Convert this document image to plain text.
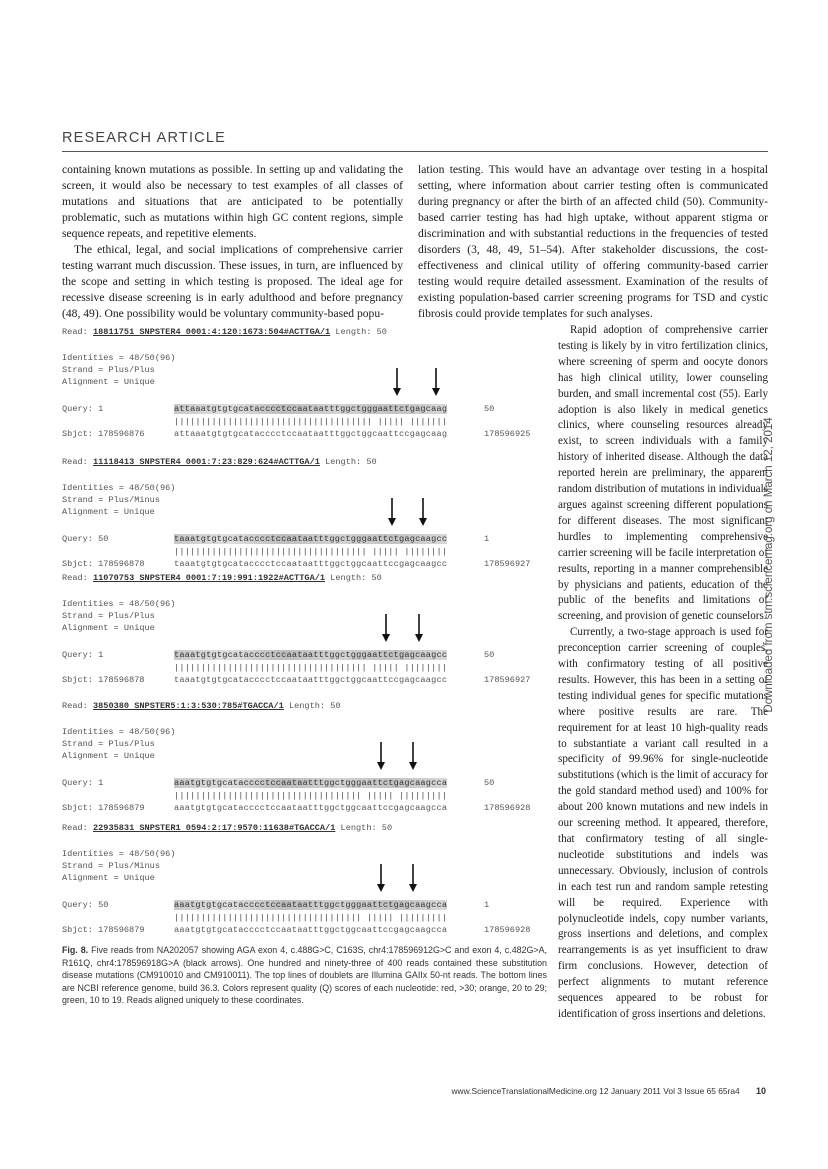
RESEARCH ARTICLE

containing known mutations as possible. In setting up and validating the screen, it would also be necessary to test examples of all classes of mutations and situations that are anticipated to be potentially problematic, such as mutations within high GC content regions, simple sequence repeats, and repetitive elements.

The ethical, legal, and social implications of comprehensive carrier testing warrant much discussion. These issues, in turn, are influenced by the scope and setting in which testing is proposed. The ideal age for recessive disease screening is in early adulthood and before pregnancy (48, 49). One possibility would be voluntary community-based popu-

lation testing. This would have an advantage over testing in a hospital setting, where information about carrier testing often is communicated during pregnancy or after the birth of an affected child (50). Community-based carrier testing has had high uptake, without apparent stigma or discrimination and with substantial reductions in the frequencies of tested disorders (3, 48, 49, 51–54). After stakeholder discussions, the cost-effectiveness and clinical utility of offering community-based carrier testing would require detailed assessment. Examination of the results of existing population-based carrier screening programs for TSD and cystic fibrosis could provide templates for such analyses.

Rapid adoption of comprehensive carrier testing is likely by in vitro fertilization clinics, where screening of sperm and oocyte donors has high clinical utility, lower counseling burden, and small incremental cost (55). Early adoption is also likely in medical genetics clinics, where counseling resources already exist, to screen individuals with a family history of inherited disease. Although the data reported herein are preliminary, the apparent random distribution of mutations in individuals argues against screening different populations for different diseases. The most significant hurdles to implementing comprehensive carrier screening will be facile interpretation of results, reporting in a manner comprehensible by physicians and patients, education of the public of the benefits and limitations of screening, and provision of genetic counselors.

Currently, a two-stage approach is used for preconception carrier screening of couples, with confirmatory testing of all positive results. However, this has been in a setting of testing individual genes for specific mutations where positive results are rare. The requirement for at least 10 high-quality reads to substantiate a variant call resulted in a specificity of 99.96% for single-nucleotide substitutions (which is the limit of accuracy for the gold standard method used) and 100% for about 200 known mutations and new indels in our screening method. It appeared, therefore, that confirmatory testing of all single-nucleotide substitutions and indels was unnecessary. Obviously, inclusion of controls in each test run and random sample retesting will be required. Experience with polynucleotide indels, copy number variants, gross insertions and deletions, and complex rearrangements is as yet insufficient to draw firm conclusions. However, detection of perfect alignments to mutant reference sequences appeared to be robust for identification of gross insertions and deletions.

Read: 18811751 SNPSTER4 0001:4:120:1673:504#ACTTGA/1 Length: 50
Identities = 48/50(96)
Strand = Plus/Plus
Alignment = Unique
Query: 1	attaaatgtgtgcatacccctccaataatttggctgggaattctgagcaag	50
||||||||||||||||||||||||||||||||||||| ||||| |||||||
Sbjct: 178596876	attaaatgtgtgcatacccctccaataatttggctggcaattccgagcaag	178596925
Read: 11118413 SNPSTER4 0001:7:23:829:624#ACTTGA/1 Length: 50
Identities = 48/50(96)
Strand = Plus/Minus
Alignment = Unique
Query: 50	taaatgtgtgcatacccctccaataatttggctgggaattctgagcaagcc	1
|||||||||||||||||||||||||||||||||||| ||||| ||||||||
Sbjct: 178596878	taaatgtgtgcatacccctccaataatttggctggcaattccgagcaagcc	178596927
Read: 11070753 SNPSTER4 0001:7:19:991:1922#ACTTGA/1 Length: 50
Identities = 48/50(96)
Strand = Plus/Plus
Alignment = Unique
Query: 1	taaatgtgtgcatacccctccaataatttggctgggaattctgagcaagcc	50
|||||||||||||||||||||||||||||||||||| ||||| ||||||||
Sbjct: 178596878	taaatgtgtgcatacccctccaataatttggctggcaattccgagcaagcc	178596927
Read: 3850380 SNPSTER5:1:3:530:785#TGACCA/1 Length: 50
Identities = 48/50(96)
Strand = Plus/Plus
Alignment = Unique
Query: 1	aaatgtgtgcatacccctccaataatttggctgggaattctgagcaagcca	50
||||||||||||||||||||||||||||||||||| ||||| |||||||||
Sbjct: 178596879	aaatgtgtgcatacccctccaataatttggctggcaattccgagcaagcca	178596928
Read: 22935831 SNPSTER1 0594:2:17:9570:11638#TGACCA/1 Length: 50
Identities = 48/50(96)
Strand = Plus/Minus
Alignment = Unique
Query: 50	aaatgtgtgcatacccctccaataatttggctgggaattctgagcaagcca	1
||||||||||||||||||||||||||||||||||| ||||| |||||||||
Sbjct: 178596879	aaatgtgtgcatacccctccaataatttggctggcaattccgagcaagcca	178596928
Fig. 8. Five reads from NA202057 showing AGA exon 4, c.488G>C, C163S, chr4:178596912G>C and exon 4, c.482G>A, R161Q, chr4:178596918G>A (black arrows). One hundred and ninety-three of 400 reads contained these substitution disease mutations (CM910010 and CM910011). The top lines of doublets are Illumina GAIIx 50-nt reads. The bottom lines are NCBI reference genome, build 36.3. Colors represent quality (Q) scores of each nucleotide: red, >30; orange, 20 to 29; green, 10 to 19. Reads aligned uniquely to these coordinates.
Downloaded from stm.sciencemag.org on March 12, 2014
www.ScienceTranslationalMedicine.org 12 January 2011 Vol 3 Issue 65 65ra4 10
